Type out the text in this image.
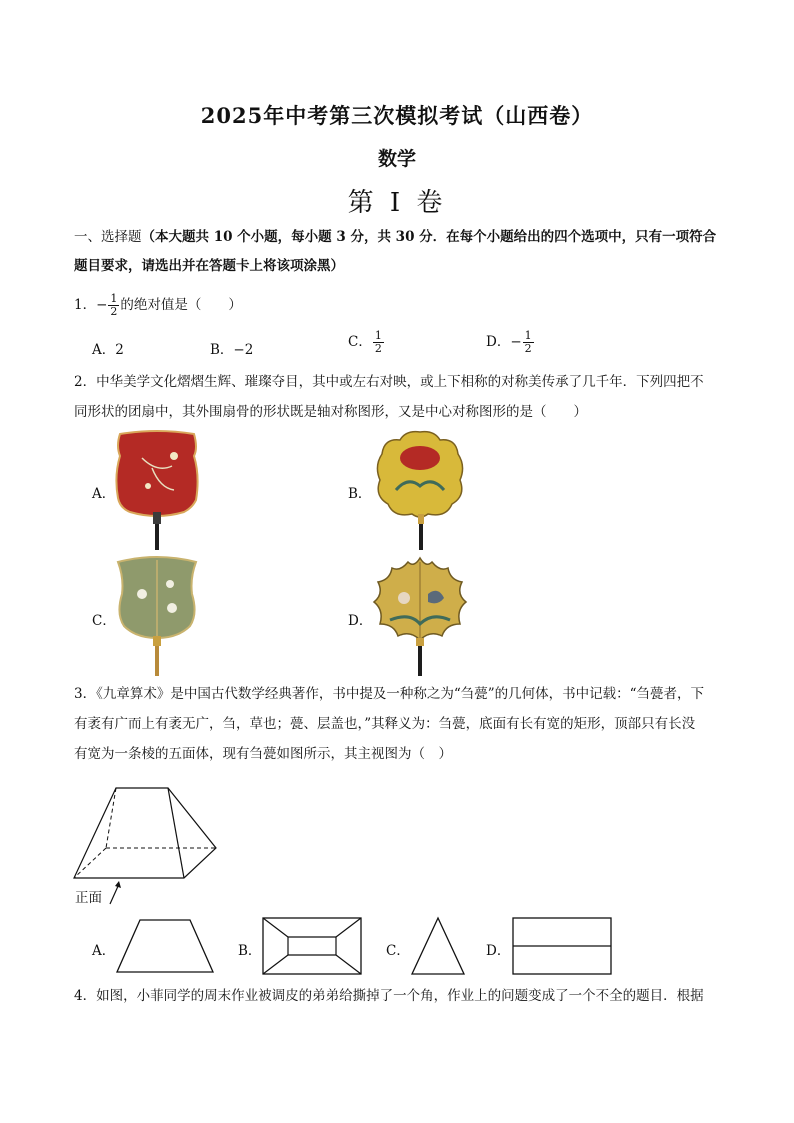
2025年中考第三次模拟考试（山西卷）
数学
第 I 卷
一、选择题（本大题共 10 个小题，每小题 3 分，共 30 分．在每个小题给出的四个选项中，只有一项符合
题目要求，请选出并在答题卡上将该项涂黑）
1．− $\frac{1}{2}$ 的绝对值是（　　）
A．2	B．−2	C． $\frac{1}{2}$	D．− $\frac{1}{2}$
2．中华美学文化熠熠生辉、璀璨夺目，其中或左右对映，或上下相称的对称美传承了几千年．下列四把不
同形状的团扇中，其外围扇骨的形状既是轴对称图形，又是中心对称图形的是（　　）
A．	B．
C．	D．
3．《九章算术》是中国古代数学经典著作，书中提及一种称之为“刍甍”的几何体，书中记载：“刍甍者，下
有袤有广而上有袤无广，刍，草也；甍、层盖也，”其释义为：刍甍，底面有长有宽的矩形，顶部只有长没
有宽为一条棱的五面体，现有刍甍如图所示，其主视图为（　）
正面
A．	B．	C．	D．
4．如图，小菲同学的周末作业被调皮的弟弟给撕掉了一个角，作业上的问题变成了一个不全的题目．根据
